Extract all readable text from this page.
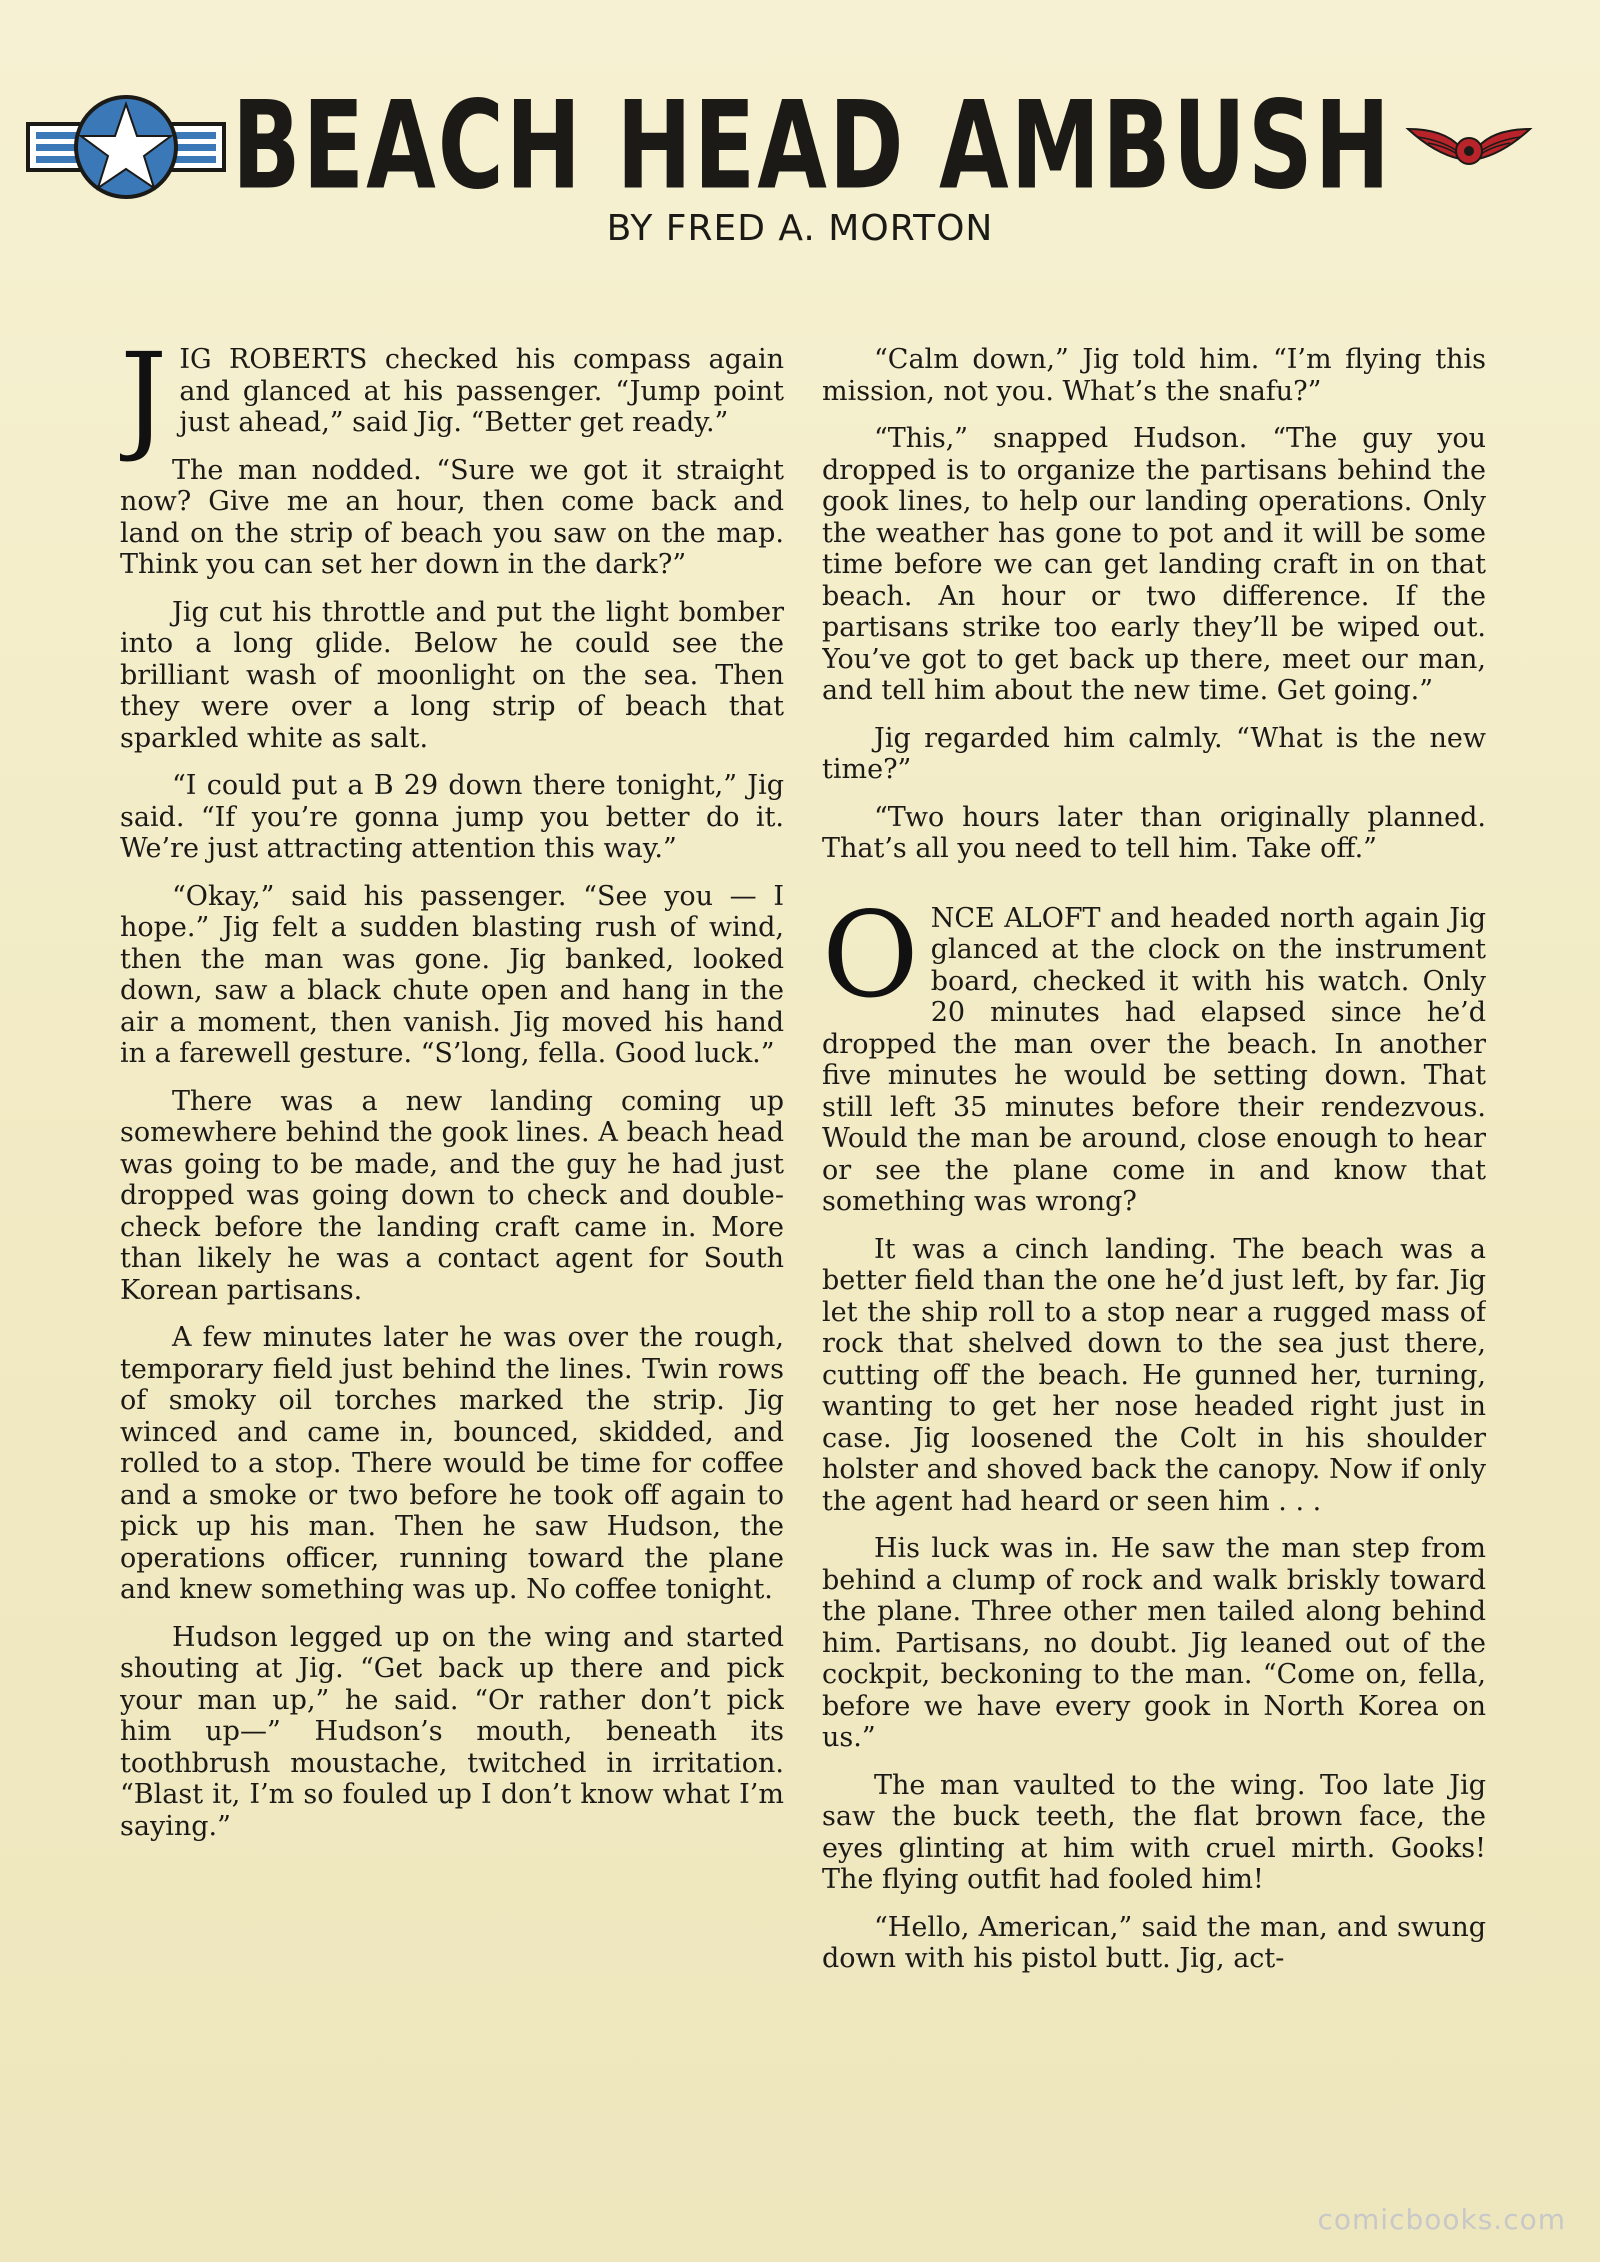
BEACH HEAD AMBUSH
BY FRED A. MORTON

JIG ROBERTS checked his compass again and glanced at his passenger. “Jump point just ahead,” said Jig. “Better get ready.”

The man nodded. “Sure we got it straight now? Give me an hour, then come back and land on the strip of beach you saw on the map. Think you can set her down in the dark?”

Jig cut his throttle and put the light bomber into a long glide. Below he could see the brilliant wash of moonlight on the sea. Then they were over a long strip of beach that sparkled white as salt.

“I could put a B 29 down there tonight,” Jig said. “If you’re gonna jump you better do it. We’re just attracting attention this way.”

“Okay,” said his passenger. “See you — I hope.” Jig felt a sudden blasting rush of wind, then the man was gone. Jig banked, looked down, saw a black chute open and hang in the air a moment, then vanish. Jig moved his hand in a farewell gesture. “S’long, fella. Good luck.”

There was a new landing coming up somewhere behind the gook lines. A beach head was going to be made, and the guy he had just dropped was going down to check and double-check before the landing craft came in. More than likely he was a contact agent for South Korean partisans.

A few minutes later he was over the rough, temporary field just behind the lines. Twin rows of smoky oil torches marked the strip. Jig winced and came in, bounced, skidded, and rolled to a stop. There would be time for coffee and a smoke or two before he took off again to pick up his man. Then he saw Hudson, the operations officer, running toward the plane and knew something was up. No coffee tonight.

Hudson legged up on the wing and started shouting at Jig. “Get back up there and pick your man up,” he said. “Or rather don’t pick him up—” Hudson’s mouth, beneath its toothbrush moustache, twitched in irritation. “Blast it, I’m so fouled up I don’t know what I’m saying.”

“Calm down,” Jig told him. “I’m flying this mission, not you. What’s the snafu?”

“This,” snapped Hudson. “The guy you dropped is to organize the partisans behind the gook lines, to help our landing operations. Only the weather has gone to pot and it will be some time before we can get landing craft in on that beach. An hour or two difference. If the partisans strike too early they’ll be wiped out. You’ve got to get back up there, meet our man, and tell him about the new time. Get going.”

Jig regarded him calmly. “What is the new time?”

“Two hours later than originally planned. That’s all you need to tell him. Take off.”

ONCE ALOFT and headed north again Jig glanced at the clock on the instrument board, checked it with his watch. Only 20 minutes had elapsed since he’d dropped the man over the beach. In another five minutes he would be setting down. That still left 35 minutes before their rendezvous. Would the man be around, close enough to hear or see the plane come in and know that something was wrong?

It was a cinch landing. The beach was a better field than the one he’d just left, by far. Jig let the ship roll to a stop near a rugged mass of rock that shelved down to the sea just there, cutting off the beach. He gunned her, turning, wanting to get her nose headed right just in case. Jig loosened the Colt in his shoulder holster and shoved back the canopy. Now if only the agent had heard or seen him . . .

His luck was in. He saw the man step from behind a clump of rock and walk briskly toward the plane. Three other men tailed along behind him. Partisans, no doubt. Jig leaned out of the cockpit, beckoning to the man. “Come on, fella, before we have every gook in North Korea on us.”

The man vaulted to the wing. Too late Jig saw the buck teeth, the flat brown face, the eyes glinting at him with cruel mirth. Gooks! The flying outfit had fooled him!

“Hello, American,” said the man, and swung down with his pistol butt. Jig, act-

comicbooks.com
